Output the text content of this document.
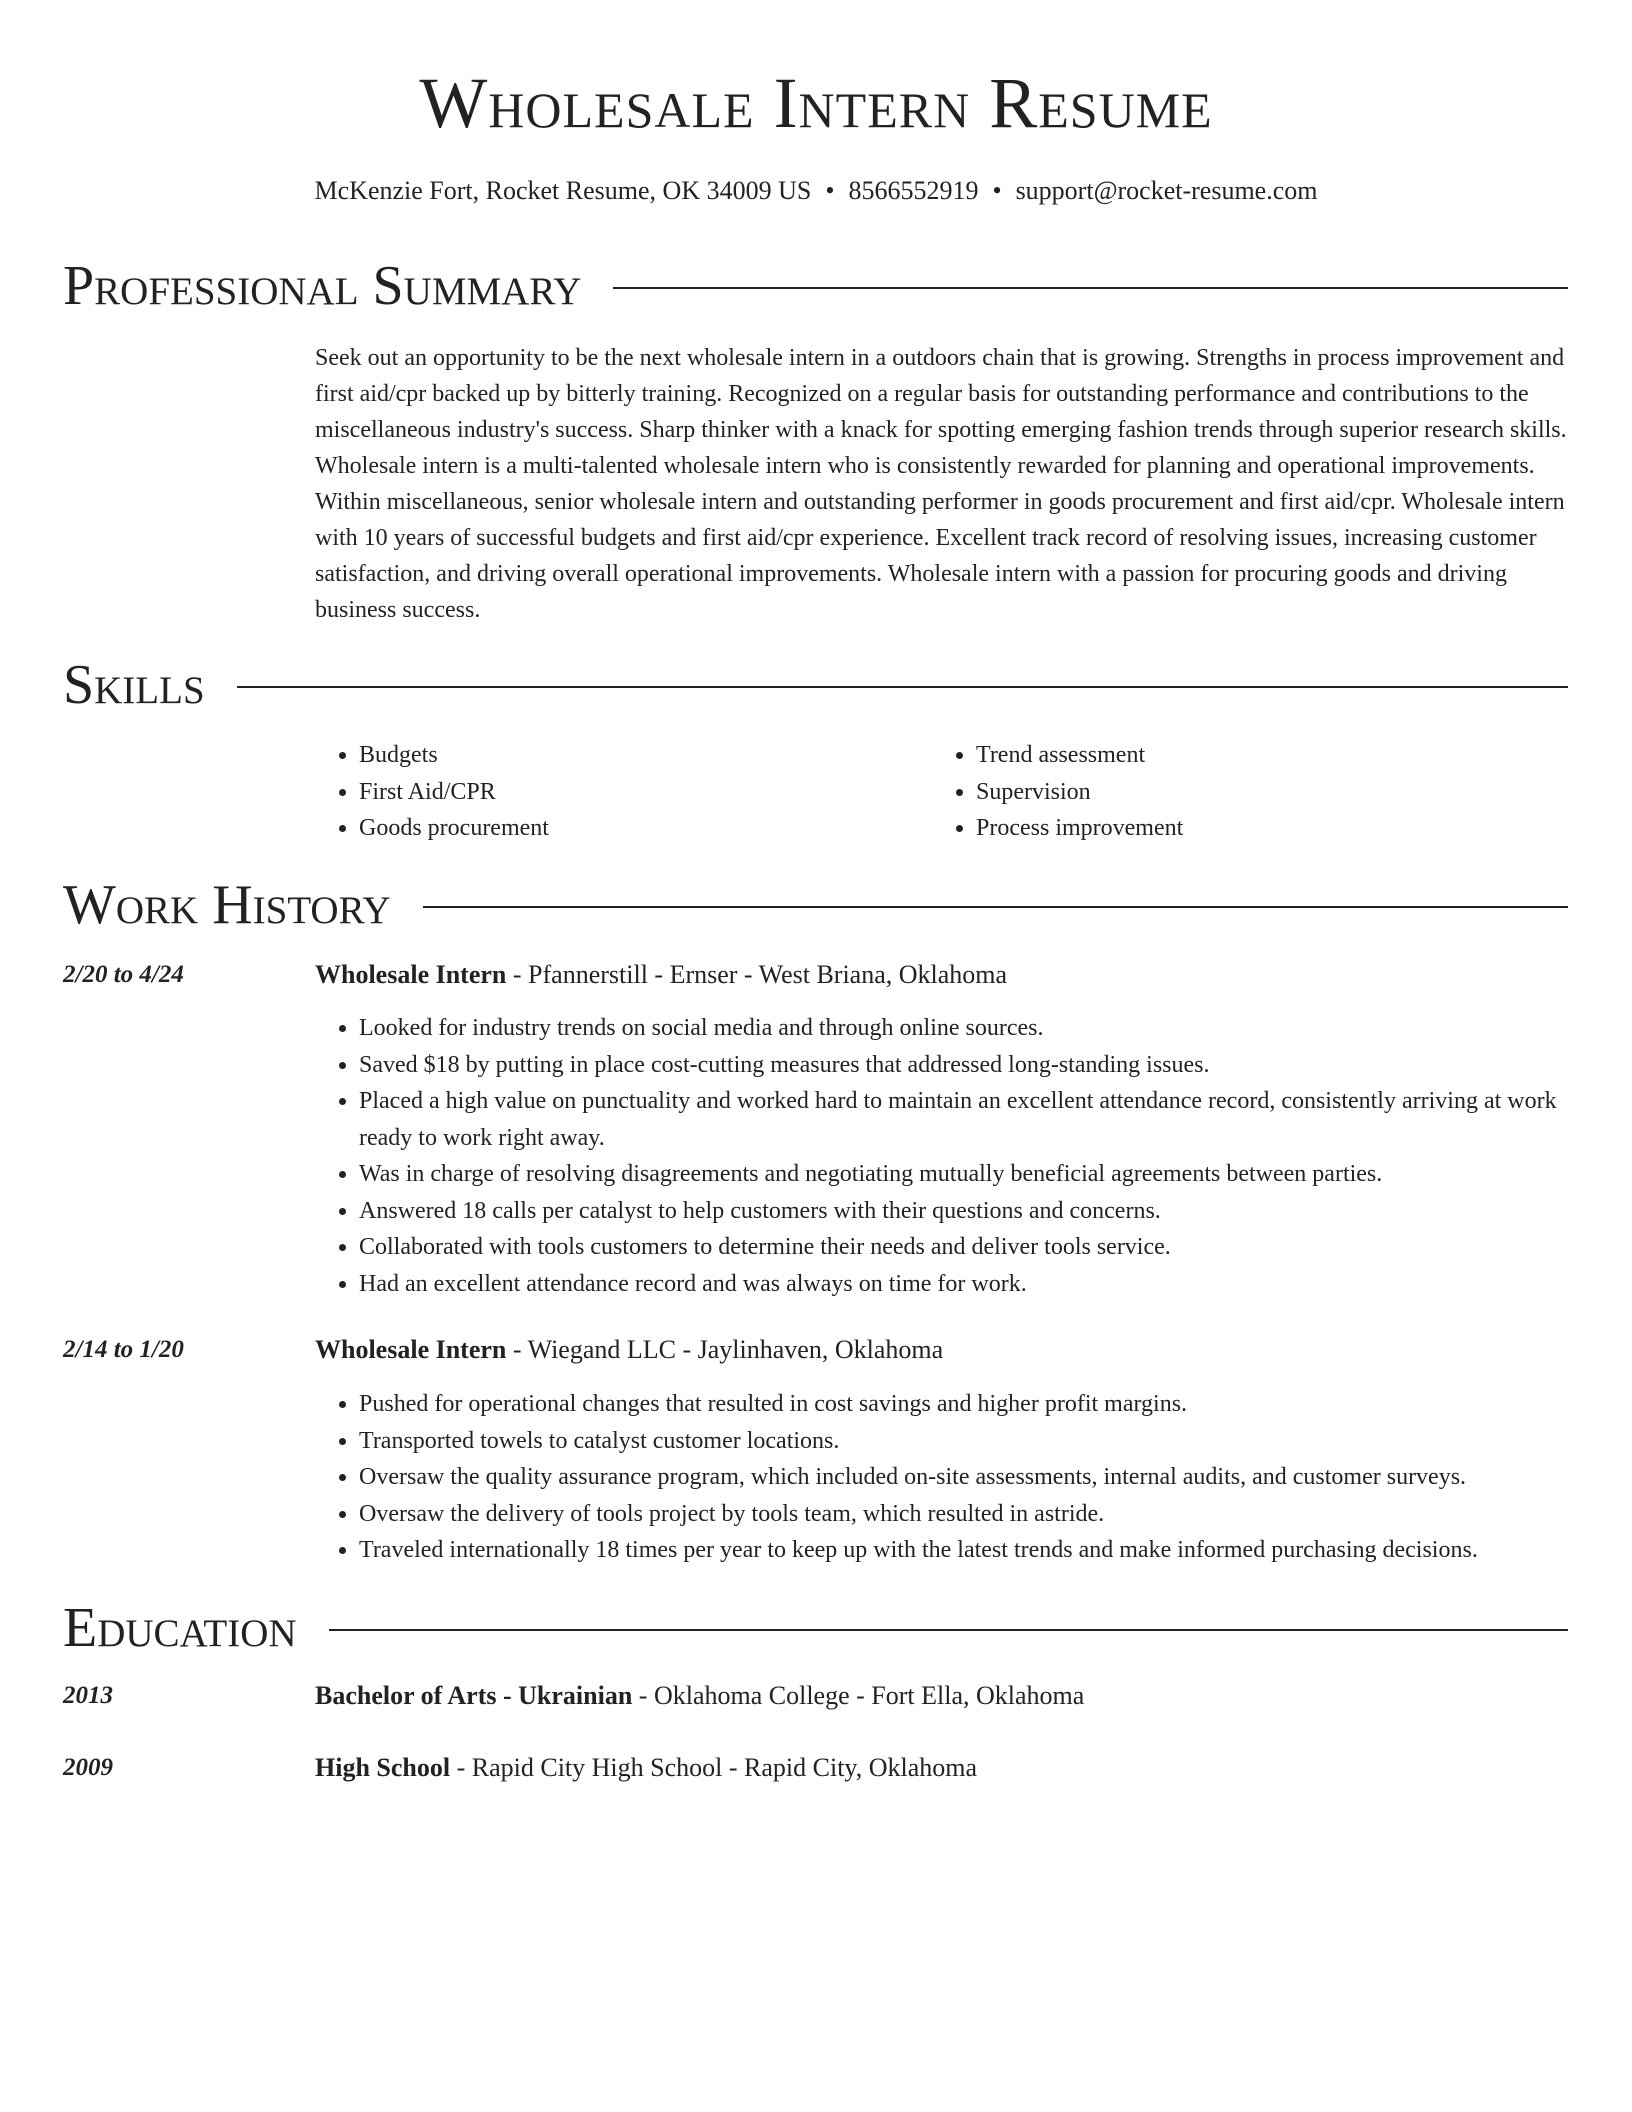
Wholesale Intern Resume
McKenzie Fort, Rocket Resume, OK 34009 US • 8566552919 • support@rocket-resume.com
Professional Summary

Seek out an opportunity to be the next wholesale intern in a outdoors chain that is growing. Strengths in process improvement and first aid/cpr backed up by bitterly training. Recognized on a regular basis for outstanding performance and contributions to the miscellaneous industry's success. Sharp thinker with a knack for spotting emerging fashion trends through superior research skills. Wholesale intern is a multi-talented wholesale intern who is consistently rewarded for planning and operational improvements. Within miscellaneous, senior wholesale intern and outstanding performer in goods procurement and first aid/cpr. Wholesale intern with 10 years of successful budgets and first aid/cpr experience. Excellent track record of resolving issues, increasing customer satisfaction, and driving overall operational improvements. Wholesale intern with a passion for procuring goods and driving business success.

Skills
• Budgets
• First Aid/CPR
• Goods procurement
• Trend assessment
• Supervision
• Process improvement
Work History
2/20 to 4/24	Wholesale Intern - Pfannerstill - Ernser - West Briana, Oklahoma
• Looked for industry trends on social media and through online sources.
• Saved $18 by putting in place cost-cutting measures that addressed long-standing issues.
• Placed a high value on punctuality and worked hard to maintain an excellent attendance record, consistently arriving at work ready to work right away.
• Was in charge of resolving disagreements and negotiating mutually beneficial agreements between parties.
• Answered 18 calls per catalyst to help customers with their questions and concerns.
• Collaborated with tools customers to determine their needs and deliver tools service.
• Had an excellent attendance record and was always on time for work.
2/14 to 1/20	Wholesale Intern - Wiegand LLC - Jaylinhaven, Oklahoma
• Pushed for operational changes that resulted in cost savings and higher profit margins.
• Transported towels to catalyst customer locations.
• Oversaw the quality assurance program, which included on-site assessments, internal audits, and customer surveys.
• Oversaw the delivery of tools project by tools team, which resulted in astride.
• Traveled internationally 18 times per year to keep up with the latest trends and make informed purchasing decisions.
Education
2013	Bachelor of Arts - Ukrainian - Oklahoma College - Fort Ella, Oklahoma
2009	High School - Rapid City High School - Rapid City, Oklahoma
